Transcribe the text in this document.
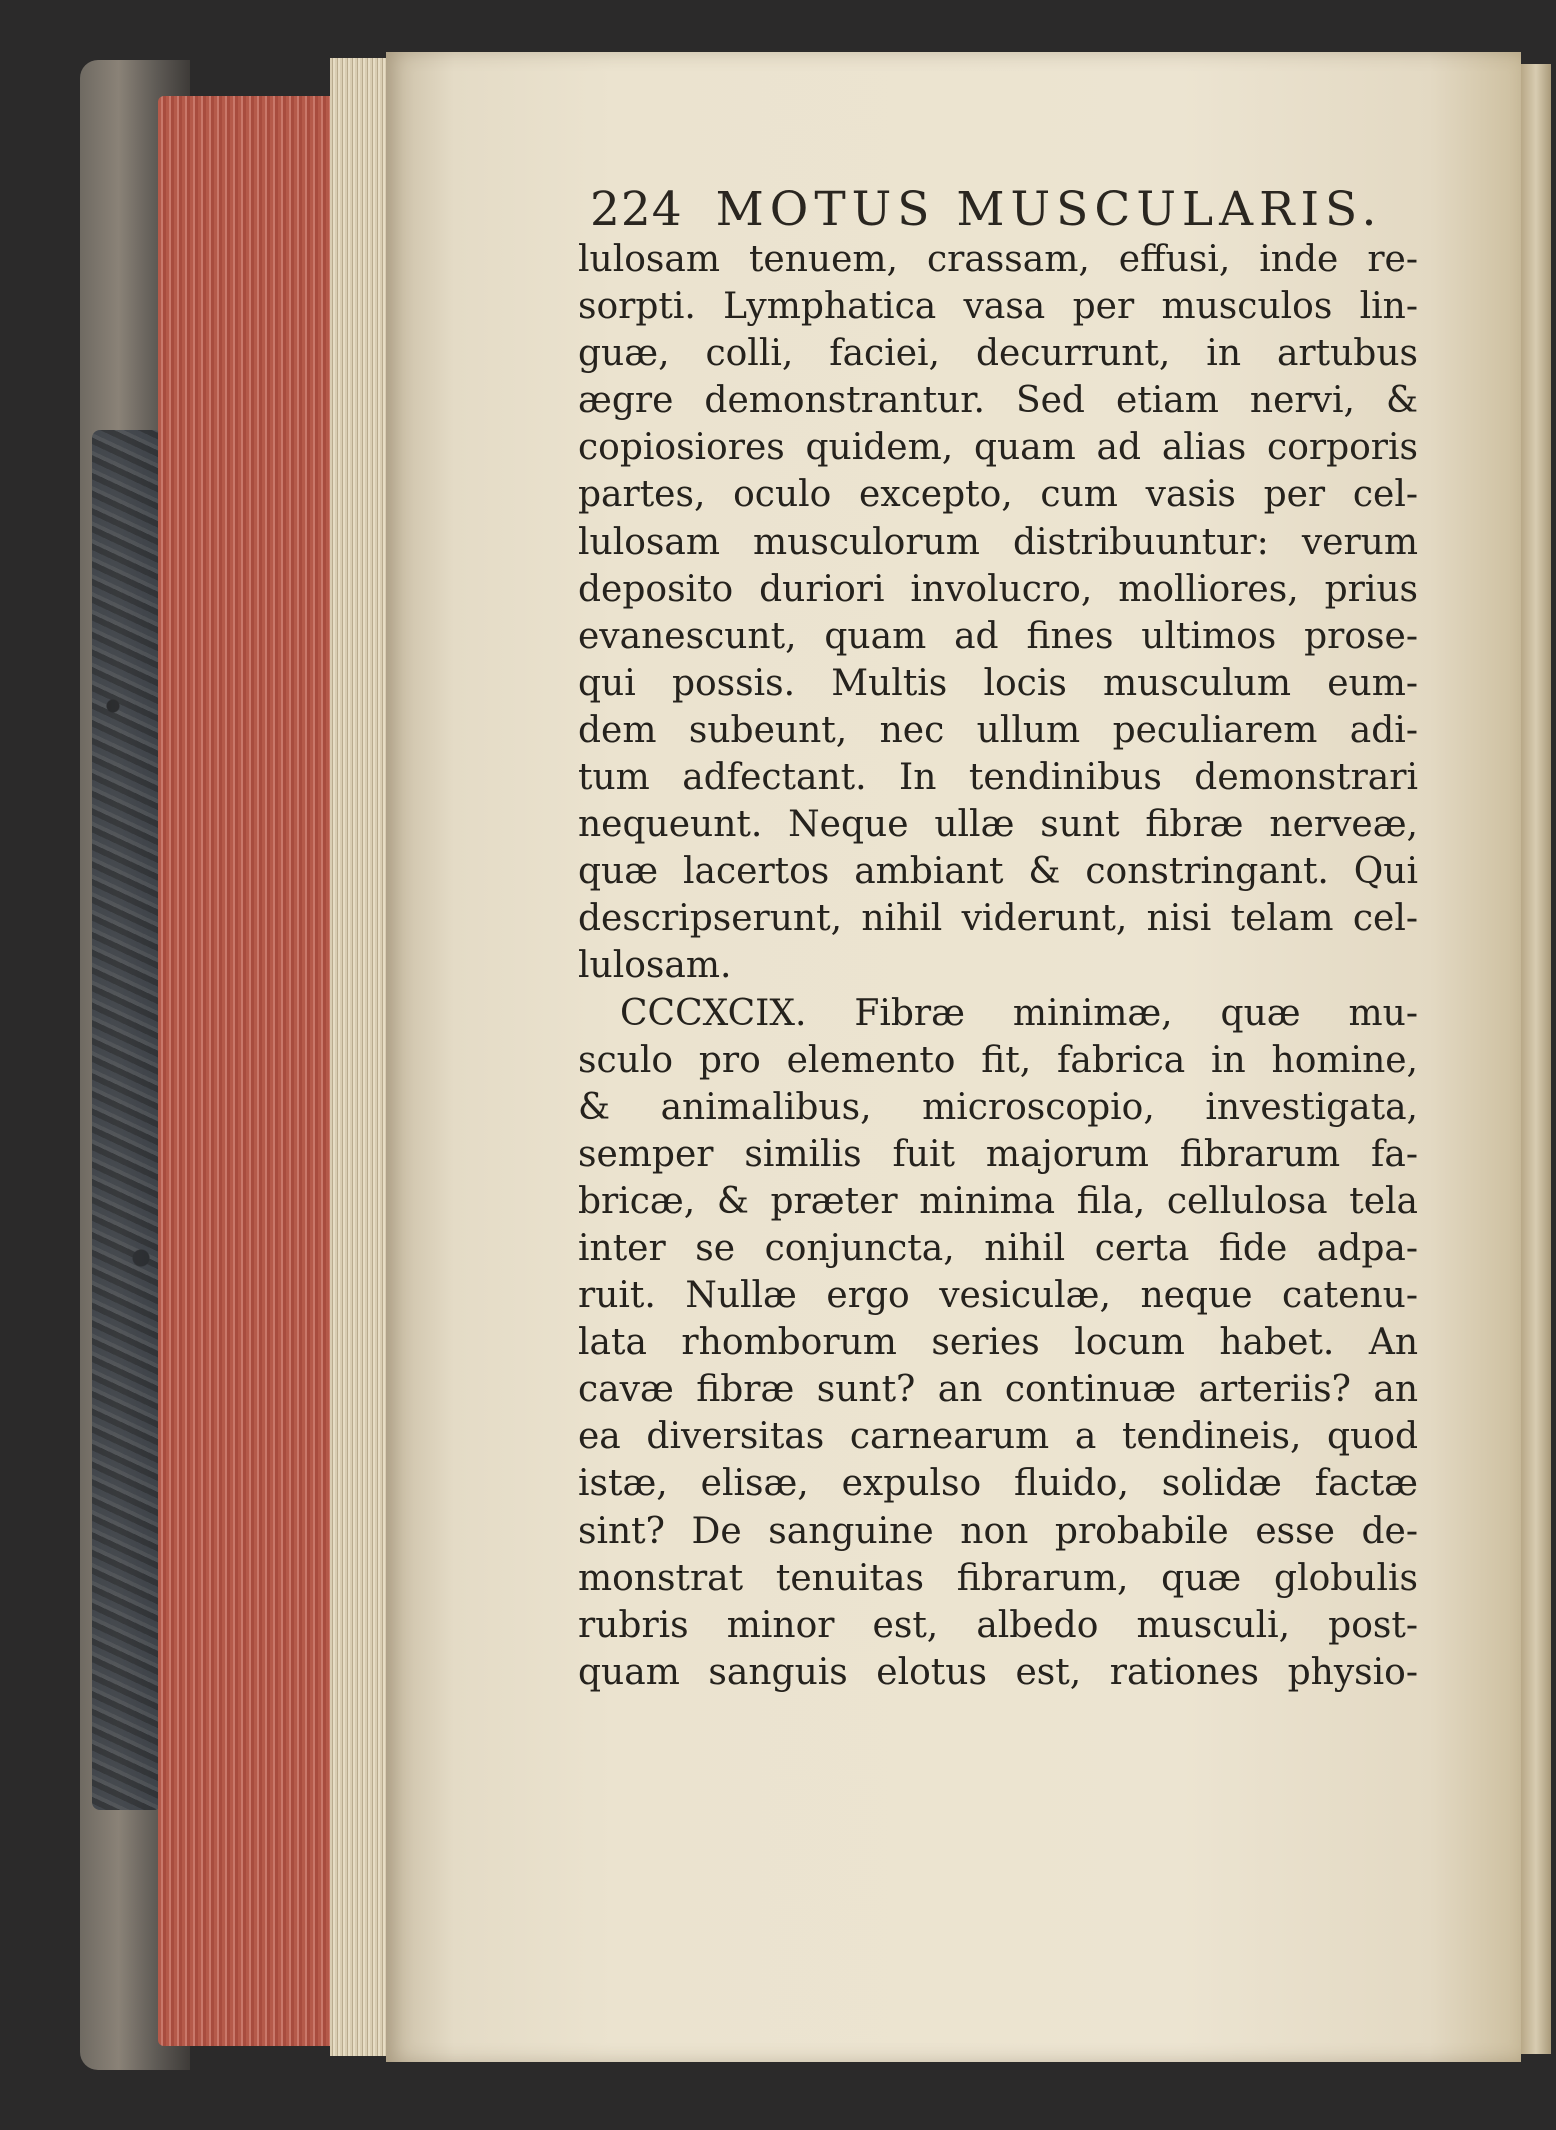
224 MOTUS MUSCULARIS.
lulosam tenuem, crassam, effusi, inde re-
sorpti. Lymphatica vasa per musculos lin-
guæ, colli, faciei, decurrunt, in artubus
ægre demonstrantur. Sed etiam nervi, &
copiosiores quidem, quam ad alias corporis
partes, oculo excepto, cum vasis per cel-
lulosam musculorum distribuuntur: verum
deposito duriori involucro, molliores, prius
evanescunt, quam ad fines ultimos prose-
qui possis. Multis locis musculum eum-
dem subeunt, nec ullum peculiarem adi-
tum adfectant. In tendinibus demonstrari
nequeunt. Neque ullæ sunt fibræ nerveæ,
quæ lacertos ambiant & constringant. Qui
descripserunt, nihil viderunt, nisi telam cel-
lulosam.
CCCXCIX. Fibræ minimæ, quæ mu-
sculo pro elemento fit, fabrica in homine,
& animalibus, microscopio, investigata,
semper similis fuit majorum fibrarum fa-
bricæ, & præter minima fila, cellulosa tela
inter se conjuncta, nihil certa fide adpa-
ruit. Nullæ ergo vesiculæ, neque catenu-
lata rhomborum series locum habet. An
cavæ fibræ sunt? an continuæ arteriis? an
ea diversitas carnearum a tendineis, quod
istæ, elisæ, expulso fluido, solidæ factæ
sint? De sanguine non probabile esse de-
monstrat tenuitas fibrarum, quæ globulis
rubris minor est, albedo musculi, post-
quam sanguis elotus est, rationes physio-
